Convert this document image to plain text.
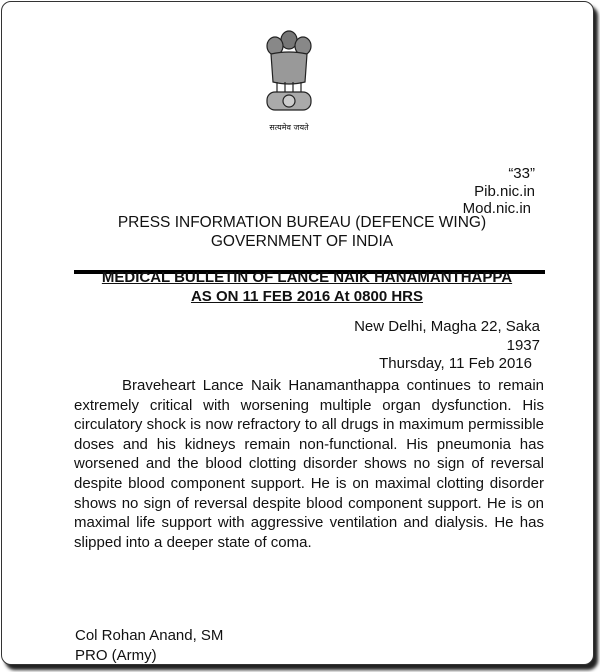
सत्यमेव जयते
“33”
Pib.nic.in
Mod.nic.in
PRESS INFORMATION BUREAU (DEFENCE WING)
GOVERNMENT OF INDIA
MEDICAL BULLETIN OF LANCE NAIK HANAMANTHAPPA
AS ON 11 FEB 2016 At 0800 HRS
New Delhi, Magha 22, Saka 1937
Thursday, 11 Feb 2016
Braveheart Lance Naik Hanamanthappa continues to remain extremely critical with worsening multiple organ dysfunction. His circulatory shock is now refractory to all drugs in maximum permissible doses and his kidneys remain non-functional. His pneumonia has worsened and the blood clotting disorder shows no sign of reversal despite blood component support. He is on maximal clotting disorder shows no sign of reversal despite blood component support. He is on maximal life support with aggressive ventilation and dialysis. He has slipped into a deeper state of coma.
Col Rohan Anand, SM
PRO (Army)
